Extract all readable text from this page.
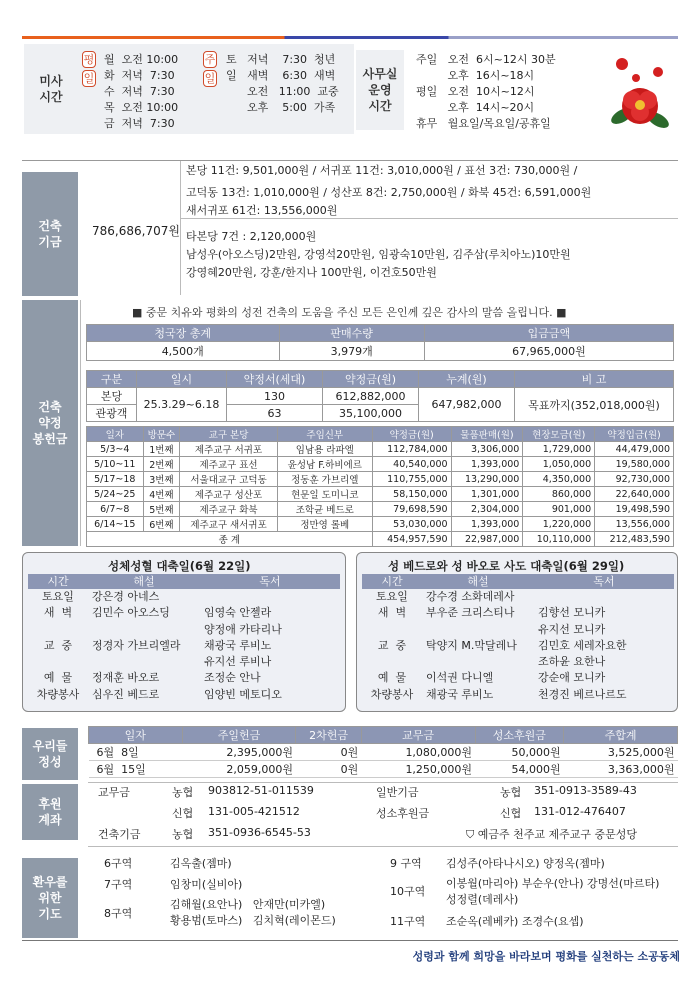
미사
시간
평
일
월  오전 10:00
화  저녁  7:30
수  저녁  7:30
목  오전 10:00
금  저녁  7:30
주
일
토   저녁    7:30  청년
일   새벽    6:30  새벽
오전   11:00  교중
오후    5:00  가족
사무실
운영
시간
주일   오전  6시~12시 30분
오후  16시~18시
평일   오전  10시~12시
오후  14시~20시
휴무   월요일/목요일/공휴일
건축
기금
786,686,707원
본당 11건: 9,501,000원 / 서귀포 11건: 3,010,000원 / 표선 3건: 730,000원 /
고덕동 13건: 1,010,000원 / 성산포 8건: 2,750,000원 / 화북 45건: 6,591,000원
새서귀포 61건: 13,556,000원
타본당 7건 : 2,120,000원
남성우(아오스딩)2만원, 강영석20만원, 임광숙10만원, 김주삼(루치아노)10만원
강영혜20만원, 강훈/한지나 100만원, 이건호50만원
건축
약정
봉헌금
■ 중문 치유와 평화의 성전 건축의 도움을 주신 모든 은인께 깊은 감사의 말씀 올립니다. ■
청국장 총계	판매수량	입금금액
4,500개	3,979개	67,965,000원
구분	일시	약정서(세대)	약정금(원)	누계(원)	비 고
본당	25.3.29~6.18	130	612,882,000	647,982,000	목표까지(352,018,000원)
관광객		63	35,100,000		
일자	방문수	교구 본당	주임신부	약정금(원)	물품판매(원)	현장모금(원)	약정입금(원)
5/3~4	1번째	제주교구 서귀포	임남용 라파엘	112,784,000	3,306,000	1,729,000	44,479,000
5/10~11	2번째	제주교구 표선	윤성남 F.하비에르	40,540,000	1,393,000	1,050,000	19,580,000
5/17~18	3번째	서울대교구 고덕동	정동훈 가브리엘	110,755,000	13,290,000	4,350,000	92,730,000
5/24~25	4번째	제주교구 성산포	현문일 도미니코	58,150,000	1,301,000	860,000	22,640,000
6/7~8	5번째	제주교구 화북	조학균 베드로	79,698,590	2,304,000	901,000	19,498,590
6/14~15	6번째	제주교구 새서귀포	정만영 롤베	53,030,000	1,393,000	1,220,000	13,556,000
종 계				454,957,590	22,987,000	10,110,000	212,483,590
성체성혈 대축일(6월 22일)	성 베드로와 성 바오로 사도 대축일(6월 29일)
시간	해설	독서
토요일	강은경 아네스
새  벽	김민수 아오스딩	임영숙 안젤라
양정애 카타리나
교  중	정경자 가브리엘라	채광국 루비노
유지선 루비나
예  물	정재훈 바오로	조정순 안나
차량봉사	심우진 베드로	임양빈 메토디오
시간	해설	독서
토요일	강수경 소화데레사
새  벽	부우준 크리스티나	김향선 모니카
유지선 모니카
교  중	탁양지 M.막달레나	김민호 세레자요한
조하윤 요한나
예  물	이석권 다니엘	강순애 모니카
차량봉사	채광국 루비노	천경진 베르나르도
우리들
정성
일자	주일헌금	2차헌금	교무금	성소후원금	주합계
6월  8일	2,395,000원	0원	1,080,000원	50,000원	3,525,000원
6월  15일	2,059,000원	0원	1,250,000원	54,000원	3,363,000원
후원
계좌
교무금	농협 903812-51-011539	일반기금	농협 351-0913-3589-43
신협 131-005-421512	성소후원금	신협 131-012-476407
건축기금	농협 351-0936-6545-53	⛉ 예금주 천주교 제주교구 중문성당
환우를
위한
기도
6구역	김옥출(젬마)
7구역	임창미(실비아)
8구역
김해월(요안나)   안재만(미카엘)
황용범(토마스)   김치혁(레이몬드)
9 구역 김성주(아타나시오) 양정옥(젬마)
10구역
이봉월(마리아) 부순우(안나) 강명선(마르타)
성정렬(데레사)
11구역 조순옥(레베카) 조경수(요셉)
성령과 함께 희망을 바라보며 평화를 실천하는 소공동체
